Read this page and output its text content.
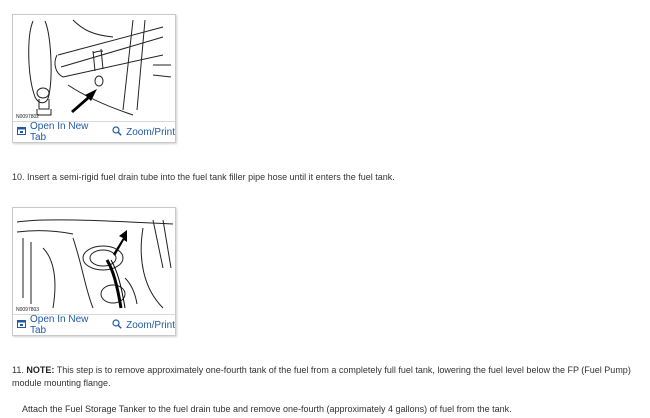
N0097802
Open In New Tab	Zoom/Print
10. Insert a semi-rigid fuel drain tube into the fuel tank filler pipe hose until it enters the fuel tank.
N0097803
Open In New Tab	Zoom/Print
11. NOTE: This step is to remove approximately one-fourth tank of the fuel from a completely full fuel tank, lowering the fuel level below the FP (Fuel Pump)
module mounting flange.
Attach the Fuel Storage Tanker to the fuel drain tube and remove one-fourth (approximately 4 gallons) of fuel from the tank.
